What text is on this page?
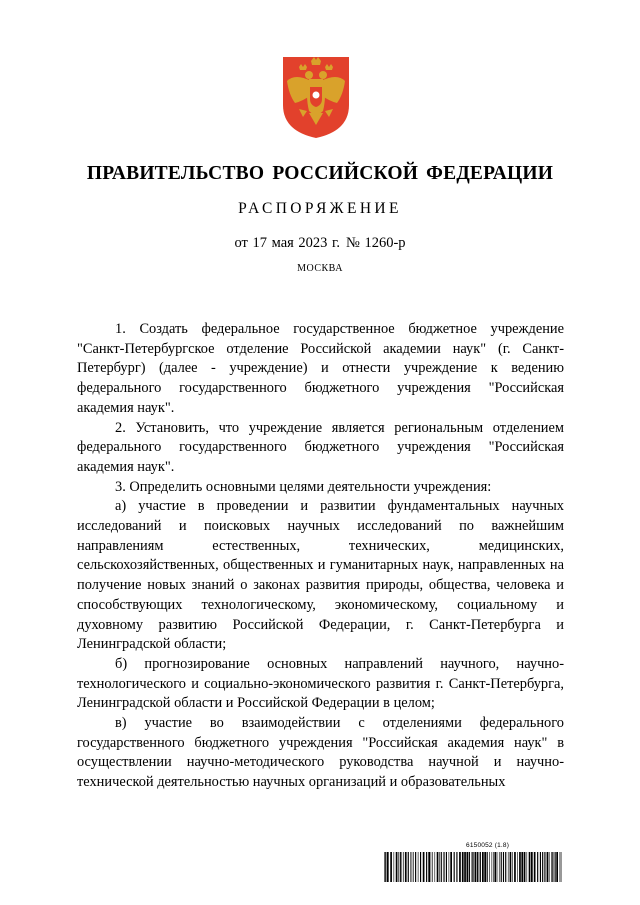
ПРАВИТЕЛЬСТВО РОССИЙСКОЙ ФЕДЕРАЦИИ
РАСПОРЯЖЕНИЕ
от 17 мая 2023 г. № 1260-р
МОСКВА

1. Создать федеральное государственное бюджетное учреждение "Санкт-Петербургское отделение Российской академии наук" (г. Санкт-Петербург) (далее - учреждение) и отнести учреждение к ведению федерального государственного бюджетного учреждения "Российская академия наук".

2. Установить, что учреждение является региональным отделением федерального государственного бюджетного учреждения "Российская академия наук".

3. Определить основными целями деятельности учреждения:

а) участие в проведении и развитии фундаментальных научных исследований и поисковых научных исследований по важнейшим направлениям естественных, технических, медицинских, сельскохозяйственных, общественных и гуманитарных наук, направленных на получение новых знаний о законах развития природы, общества, человека и способствующих технологическому, экономическому, социальному и духовному развитию Российской Федерации, г. Санкт-Петербурга и Ленинградской области;

б) прогнозирование основных направлений научного, научно-технологического и социально-экономического развития г. Санкт-Петербурга, Ленинградской области и Российской Федерации в целом;

в) участие во взаимодействии с отделениями федерального государственного бюджетного учреждения "Российская академия наук" в осуществлении научно-методического руководства научной и научно-технической деятельностью научных организаций и образовательных

6150052 (1.8)
